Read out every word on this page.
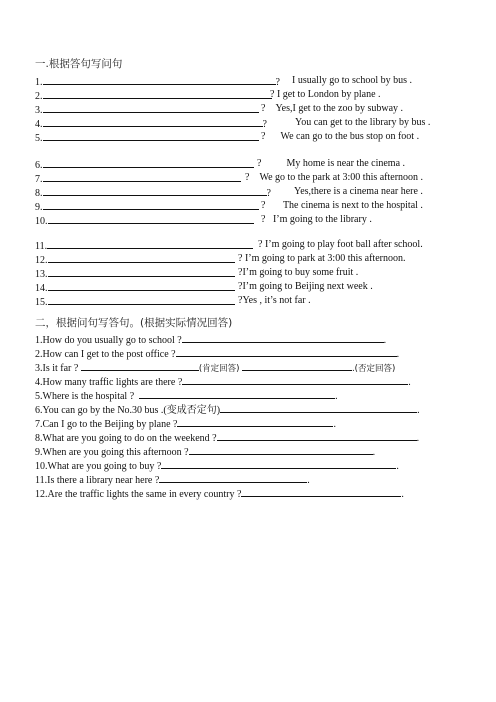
一.根据答句写问句
1.	? I usually go to school by bus .
2.	? I get to London by plane .
3.	? Yes,I get to the zoo by subway .
4.	?	You can get to the library by bus .
5.	? We can go to the bus stop on foot .
6.	?	My home is near the cinema .
7.	? We go to the park at 3:00 this afternoon .
8.	? Yes,there is a cinema near here .
9.	? The cinema is next to the hospital .
10.	? I’m going to the library .
11.	? I’m going to play foot ball after school.
12.	? I’m going to park at 3:00 this afternoon.
13.	?I’m going to buy some fruit .
14.	?I’m going to Beijing next week .
15.	?Yes , it’s not far .
二，根据问句写答句。(根据实际情况回答)
1.How do you usually go to school ?	.
2.How can I get to the post office ?	.
3.Is it far ?	(肯定回答)	.(否定回答)
4.How many traffic lights are there ?	.
5.Where is the hospital ?	.
6.You can go by the No.30 bus .(变成否定句)	.
7.Can I go to the Beijing by plane ?	.
8.What are you going to do on the weekend ?	.
9.When are you going this afternoon ?	.
10.What are you going to buy ?	.
11.Is there a library near here ?	.
12.Are the traffic lights the same in every country ?	.
